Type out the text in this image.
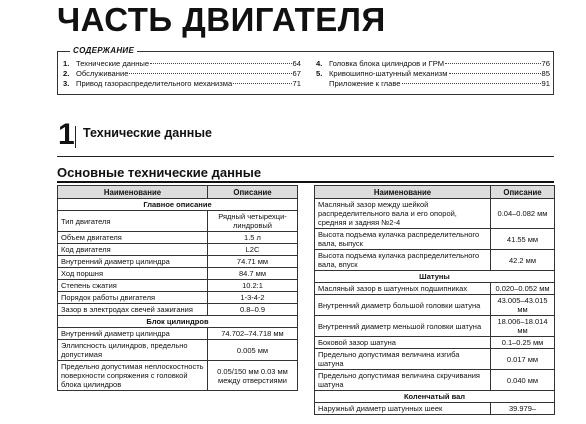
ЧАСТЬ ДВИГАТЕЛЯ
СОДЕРЖАНИЕ
1. Технические данные	64
2. Обслуживание	67
3. Привод газораспределительного механизма	71
4. Головка блока цилиндров и ГРМ	76
5. Кривошипно-шатунный механизм	85
Приложение к главе	91
1 Технические данные
Основные технические данные
Наименование	Описание
Главное описание	
Тип двигателя	Рядный четырехци-линдровый
Объем двигателя	1.5 л
Код двигателя	L2C
Внутренний диаметр цилиндра	74.71 мм
Ход поршня	84.7 мм
Степень сжатия	10.2:1
Порядок работы двигателя	1-3-4-2
Зазор в электродах свечей зажигания	0.8–0.9
Блок цилиндров	
Внутренний диаметр цилиндра	74.702–74.718 мм
Эллипсность цилиндров, предельно допустимая	0.005 мм
Предельно допустимая неплоскостность поверхности сопряжения с головкой блока цилиндров	0.05/150 мм 0.03 мм между отверстиями
Наименование	Описание
Масляный зазор между шейкой распределительного вала и его опорой, средняя и задняя №2-4	0.04–0.082 мм
Высота подъема кулачка распределительного вала, выпуск	41.55 мм
Высота подъема кулачка распределительного вала, впуск	42.2 мм
Шатуны	
Масляный зазор в шатунных подшипниках	0.020–0.052 мм
Внутренний диаметр большой головки шатуна	43.005–43.015 мм
Внутренний диаметр меньшой головки шатуна	18.006–18.014 мм
Боковой зазор шатуна	0.1–0.25 мм
Предельно допустимая величина изгиба шатуна	0.017 мм
Предельно допустимая величина скручивания шатуна	0.040 мм
Коленчатый вал	
Наружный диаметр шатунных шеек	39.979–
